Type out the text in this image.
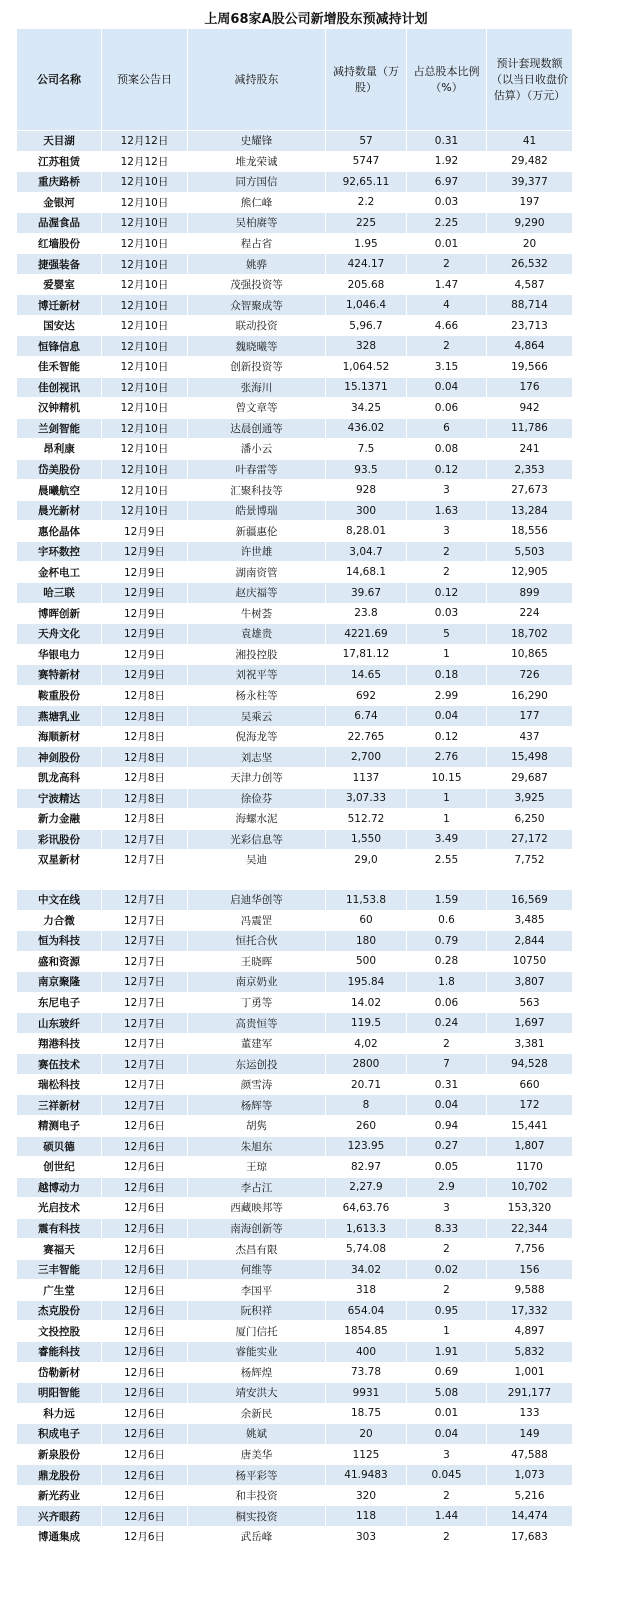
上周68家A股公司新增股东预减持计划
公司名称	预案公告日	减持股东	减持数量（万股）	占总股本比例（%）	预计套现数额（以当日收盘价估算）（万元）
天目湖	12月12日	史耀锋	57	0.31	41
江苏租赁	12月12日	堆龙荣诚	5747	1.92	29,482
重庆路桥	12月10日	同方国信	92,65.11	6.97	39,377
金银河	12月10日	熊仁峰	2.2	0.03	197
品渥食品	12月10日	吴柏赓等	225	2.25	9,290
红墙股份	12月10日	程占省	1.95	0.01	20
捷强装备	12月10日	姚骅	424.17	2	26,532
爱婴室	12月10日	茂强投资等	205.68	1.47	4,587
博迁新材	12月10日	众智聚成等	1,046.4	4	88,714
国安达	12月10日	联动投资	5,96.7	4.66	23,713
恒锋信息	12月10日	魏晓曦等	328	2	4,864
佳禾智能	12月10日	创新投资等	1,064.52	3.15	19,566
佳创视讯	12月10日	张海川	15.1371	0.04	176
汉钟精机	12月10日	曾文章等	34.25	0.06	942
兰剑智能	12月10日	达晨创通等	436.02	6	11,786
昂利康	12月10日	潘小云	7.5	0.08	241
岱美股份	12月10日	叶春雷等	93.5	0.12	2,353
晨曦航空	12月10日	汇聚科技等	928	3	27,673
晨光新材	12月10日	皓景博瑞	300	1.63	13,284
惠伦晶体	12月9日	新疆惠伦	8,28.01	3	18,556
宇环数控	12月9日	许世雄	3,04.7	2	5,503
金杯电工	12月9日	湖南资管	14,68.1	2	12,905
哈三联	12月9日	赵庆福等	39.67	0.12	899
博晖创新	12月9日	牛树荟	23.8	0.03	224
天舟文化	12月9日	袁雄贵	4221.69	5	18,702
华银电力	12月9日	湘投控股	17,81.12	1	10,865
赛特新材	12月9日	刘祝平等	14.65	0.18	726
鞍重股份	12月8日	杨永柱等	692	2.99	16,290
燕塘乳业	12月8日	吴乘云	6.74	0.04	177
海顺新材	12月8日	倪海龙等	22.765	0.12	437
神剑股份	12月8日	刘志坚	2,700	2.76	15,498
凯龙高科	12月8日	天津力创等	1137	10.15	29,687
宁波精达	12月8日	徐俭芬	3,07.33	1	3,925
新力金融	12月8日	海螺水泥	512.72	1	6,250
彩讯股份	12月7日	光彩信息等	1,550	3.49	27,172
双星新材	12月7日	吴迪	29,0	2.55	7,752
中文在线	12月7日	启迪华创等	11,53.8	1.59	16,569
力合微	12月7日	冯震罡	60	0.6	3,485
恒为科技	12月7日	恒托合伙	180	0.79	2,844
盛和资源	12月7日	王晓晖	500	0.28	10750
南京聚隆	12月7日	南京奶业	195.84	1.8	3,807
东尼电子	12月7日	丁勇等	14.02	0.06	563
山东玻纤	12月7日	高贵恒等	119.5	0.24	1,697
翔港科技	12月7日	董建军	4,02	2	3,381
赛伍技术	12月7日	东运创投	2800	7	94,528
瑞松科技	12月7日	颜雪涛	20.71	0.31	660
三祥新材	12月7日	杨辉等	8	0.04	172
精测电子	12月6日	胡隽	260	0.94	15,441
硕贝德	12月6日	朱旭东	123.95	0.27	1,807
创世纪	12月6日	王琼	82.97	0.05	1170
越博动力	12月6日	李占江	2,27.9	2.9	10,702
光启技术	12月6日	西藏映邦等	64,63.76	3	153,320
震有科技	12月6日	南海创新等	1,613.3	8.33	22,344
赛福天	12月6日	杰昌有限	5,74.08	2	7,756
三丰智能	12月6日	何维等	34.02	0.02	156
广生堂	12月6日	李国平	318	2	9,588
杰克股份	12月6日	阮积祥	654.04	0.95	17,332
文投控股	12月6日	厦门信托	1854.85	1	4,897
睿能科技	12月6日	睿能实业	400	1.91	5,832
岱勒新材	12月6日	杨辉煌	73.78	0.69	1,001
明阳智能	12月6日	靖安洪大	9931	5.08	291,177
科力远	12月6日	余新民	18.75	0.01	133
积成电子	12月6日	姚斌	20	0.04	149
新泉股份	12月6日	唐美华	1125	3	47,588
鼎龙股份	12月6日	杨平彩等	41.9483	0.045	1,073
新光药业	12月6日	和丰投资	320	2	5,216
兴齐眼药	12月6日	桐实投资	118	1.44	14,474
博通集成	12月6日	武岳峰	303	2	17,683
